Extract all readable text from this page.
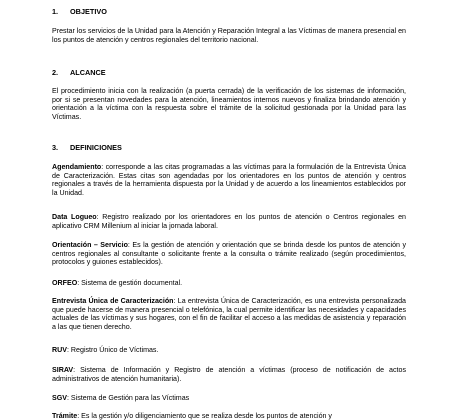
1. OBJETIVO
Prestar los servicios de la Unidad para la Atención y Reparación Integral a las Víctimas de manera presencial en los puntos de atención y centros regionales del territorio nacional.
2. ALCANCE
El procedimiento inicia con la realización (a puerta cerrada) de la verificación de los sistemas de información, por si se presentan novedades para la atención, lineamientos internos nuevos y finaliza brindando atención y orientación a la víctima con la respuesta sobre el trámite de la solicitud gestionada por la Unidad para las Víctimas.
3. DEFINICIONES
Agendamiento: corresponde a las citas programadas a las víctimas para la formulación de la Entrevista Única de Caracterización. Estas citas son agendadas por los orientadores en los puntos de atención y centros regionales a través de la herramienta dispuesta por la Unidad y de acuerdo a los lineamientos establecidos por la Unidad.
Data Logueo: Registro realizado por los orientadores en los puntos de atención o Centros regionales en aplicativo CRM Millenium al iniciar la jornada laboral.
Orientación – Servicio: Es la gestión de atención y orientación que se brinda desde los puntos de atención y centros regionales al consultante o solicitante frente a la consulta o trámite realizado (según procedimientos, protocolos y guiones establecidos).
ORFEO: Sistema de gestión documental.
Entrevista Única de Caracterización: La entrevista Única de Caracterización, es una entrevista personalizada que puede hacerse de manera presencial o telefónica, la cual permite identificar las necesidades y capacidades actuales de las víctimas y sus hogares, con el fin de facilitar el acceso a las medidas de asistencia y reparación a las que tienen derecho.
RUV: Registro Único de Víctimas.
SIRAV: Sistema de Información y Registro de atención a víctimas (proceso de notificación de actos administrativos de atención humanitaria).
SGV: Sistema de Gestión para las Víctimas
Trámite: Es la gestión y/o diligenciamiento que se realiza desde los puntos de atención y
